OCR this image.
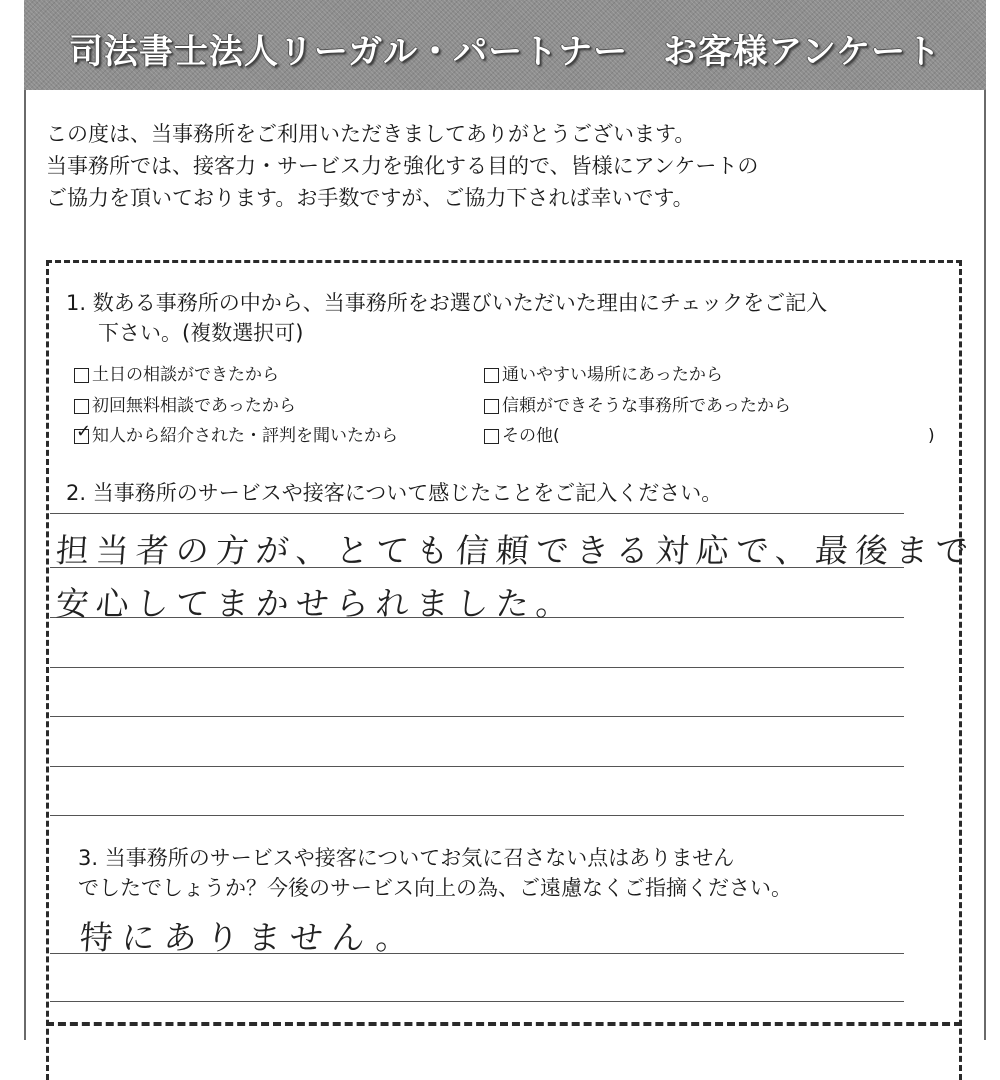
司法書士法人リーガル・パートナー　お客様アンケート
この度は、当事務所をご利用いただきましてありがとうございます。
当事務所では、接客力・サービス力を強化する目的で、皆様にアンケートの
ご協力を頂いております。お手数ですが、ご協力下されば幸いです。
1. 数ある事務所の中から、当事務所をお選びいただいた理由にチェックをご記入
下さい。(複数選択可)
土日の相談ができたから	通いやすい場所にあったから
初回無料相談であったから	信頼ができそうな事務所であったから
✓ 知人から紹介された・評判を聞いたから	その他(	)
2. 当事務所のサービスや接客について感じたことをご記入ください。
担当者の方が、とても信頼できる対応で、最後まで
安心してまかせられました。
3. 当事務所のサービスや接客についてお気に召さない点はありません
でしたでしょうか？今後のサービス向上の為、ご遠慮なくご指摘ください。
特にありません。
